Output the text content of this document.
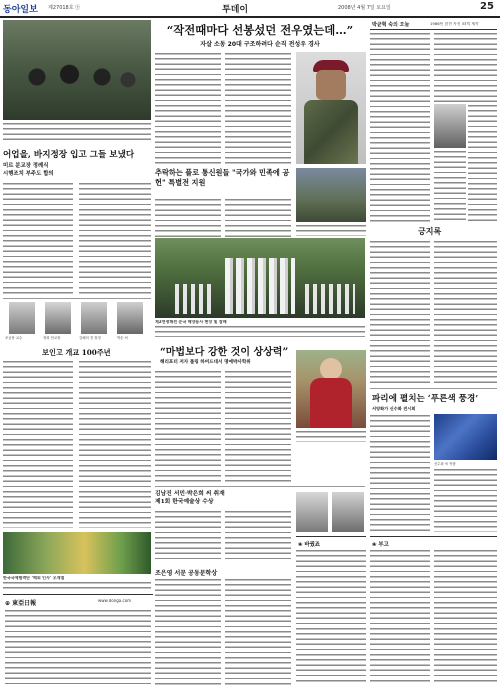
동아일보 제27018호 ㊉	투데이	2008년 4월 7일 토요일	25
어업을, 바지정장 입고 그들 보냈다
미르 분교장 정례식
시행조치 부주도 합의
조균용 교수	정화 안교장	김해의 전 장정	박순 씨
보인고 개교 100주년
한국국제협력단 ‘해외 인사’ 오재열
⊕ 東亞日報	www.donga.com
“작전때마다 선봉섰던 전우였는데…”
자살 소동 20대 구조하려다 순직 전성우 경사
추락하는 플로 통신원들 "국가와 민족에 공헌" 특별전 지원
제2연평해전 순국 해양용사 현장 및 참배
“마법보다 강한 것이 상상력”
해리포터 저자 롤링 하버드대서 명예박사학위
김남진 서민·박은희 씨 취재
제1회 한국예술상 수상
조은영 서문 공동문학상
❀ 바꿨죠
박균혁 숙의 오늘	1986년 참전 사진 33억 제작
긍지록
파리에 펼치는 ‘푸른색 풍경’
서양화가 신수화 전시회
신수화 씨 작품
❀ 부고
